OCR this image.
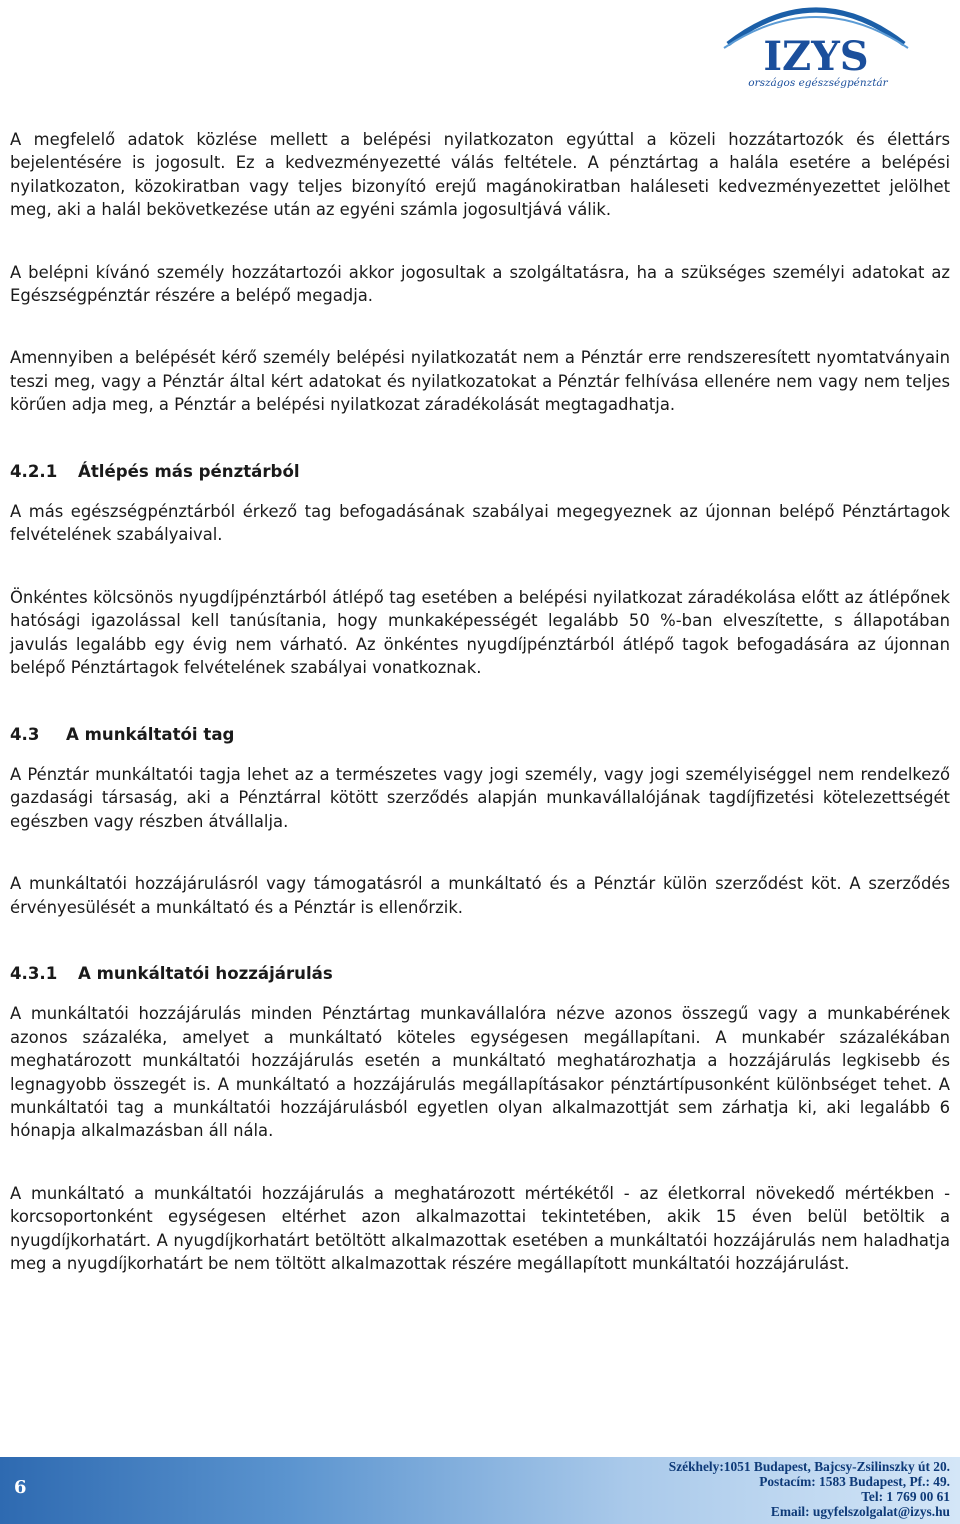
IZYS
országos egészségpénztár

A megfelelő adatok közlése mellett a belépési nyilatkozaton egyúttal a közeli hozzátartozók és élettárs bejelentésére is jogosult. Ez a kedvezményezetté válás feltétele. A pénztártag a halála esetére a belépési nyilatkozaton, közokiratban vagy teljes bizonyító erejű magánokiratban haláleseti kedvezményezettet jelölhet meg, aki a halál bekövetkezése után az egyéni számla jogosultjává válik.

A belépni kívánó személy hozzátartozói akkor jogosultak a szolgáltatásra, ha a szükséges személyi adatokat az Egészségpénztár részére a belépő megadja.

Amennyiben a belépését kérő személy belépési nyilatkozatát nem a Pénztár erre rendszeresített nyomtatványain teszi meg, vagy a Pénztár által kért adatokat és nyilatkozatokat a Pénztár felhívása ellenére nem vagy nem teljes körűen adja meg, a Pénztár a belépési nyilatkozat záradékolását megtagadhatja.

4.2.1	Átlépés más pénztárból

A más egészségpénztárból érkező tag befogadásának szabályai megegyeznek az újonnan belépő Pénztártagok felvételének szabályaival.

Önkéntes kölcsönös nyugdíjpénztárból átlépő tag esetében a belépési nyilatkozat záradékolása előtt az átlépőnek hatósági igazolással kell tanúsítania, hogy munkaképességét legalább 50 %-ban elveszítette, s állapotában javulás legalább egy évig nem várható. Az önkéntes nyugdíjpénztárból átlépő tagok befogadására az újonnan belépő Pénztártagok felvételének szabályai vonatkoznak.

4.3	A munkáltatói tag

A Pénztár munkáltatói tagja lehet az a természetes vagy jogi személy, vagy jogi személyiséggel nem rendelkező gazdasági társaság, aki a Pénztárral kötött szerződés alapján munkavállalójának tagdíjfizetési kötelezettségét egészben vagy részben átvállalja.

A munkáltatói hozzájárulásról vagy támogatásról a munkáltató és a Pénztár külön szerződést köt. A szerződés érvényesülését a munkáltató és a Pénztár is ellenőrzik.

4.3.1	A munkáltatói hozzájárulás

A munkáltatói hozzájárulás minden Pénztártag munkavállalóra nézve azonos összegű vagy a munkabérének azonos százaléka, amelyet a munkáltató köteles egységesen megállapítani. A munkabér százalékában meghatározott munkáltatói hozzájárulás esetén a munkáltató meghatározhatja a hozzájárulás legkisebb és legnagyobb összegét is. A munkáltató a hozzájárulás megállapításakor pénztártípusonként különbséget tehet. A munkáltatói tag a munkáltatói hozzájárulásból egyetlen olyan alkalmazottját sem zárhatja ki, aki legalább 6 hónapja alkalmazásban áll nála.

A munkáltató a munkáltatói hozzájárulás a meghatározott mértékétől - az életkorral növekedő mértékben - korcsoportonként egységesen eltérhet azon alkalmazottai tekintetében, akik 15 éven belül betöltik a nyugdíjkorhatárt. A nyugdíjkorhatárt betöltött alkalmazottak esetében a munkáltatói hozzájárulás nem haladhatja meg a nyugdíjkorhatárt be nem töltött alkalmazottak részére megállapított munkáltatói hozzájárulást.

6
Székhely:1051 Budapest, Bajcsy-Zsilinszky út 20.
Postacím: 1583 Budapest, Pf.: 49.
Tel: 1 769 00 61
Email: ugyfelszolgalat@izys.hu
